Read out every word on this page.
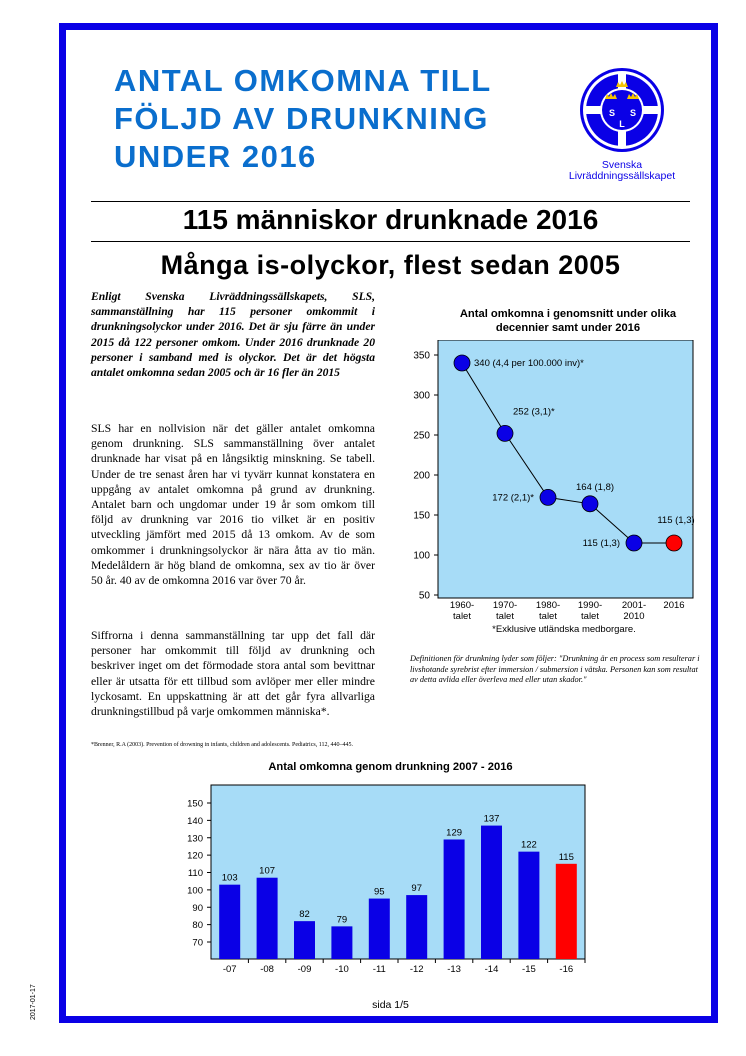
2017-01-17
ANTAL OMKOMNA TILL FÖLJD AV DRUNKNING UNDER 2016
S S
L
Svenska
Livräddningssällskapet
115 människor drunknade 2016
Många is-olyckor, flest sedan 2005
Enligt Svenska Livräddningssällskapets, SLS, sammanställning har 115 personer omkommit i drunkningsolyckor under 2016. Det är sju färre än under 2015 då 122 personer omkom. Under 2016 drunknade 20 personer i samband med is olyckor. Det är det högsta antalet omkomna sedan 2005 och är 16 fler än 2015
SLS har en nollvision när det gäller antalet omkomna genom drunkning. SLS sammanställning över antalet drunknade har visat på en långsiktig minskning. Se tabell. Under de tre senast åren har vi tyvärr kunnat konstatera en uppgång av antalet omkomna på grund av drunkning. Antalet barn och ungdomar under 19 år som omkom till följd av drunkning var 2016 tio vilket är en positiv utveckling jämfört med 2015 då 13 omkom. Av de som omkommer i drunkningsolyckor är nära åtta av tio män. Medelåldern är hög bland de omkomna, sex av tio är över 50 år. 40 av de omkomna 2016 var över 70 år.
Siffrorna i denna sammanställning tar upp det fall där personer har omkommit till följd av drunkning och beskriver inget om det förmodade stora antal som bevittnar eller är utsatta för ett tillbud som avlöper mer eller mindre lyckosamt. En uppskattning är att det går fyra allvarliga drunkningstillbud på varje omkommen människa*.
*Brenner, R.A (2003). Prevention of drowning in infants, children and adolescents. Pediatrics, 112, 440–445.
Antal omkomna i genomsnitt under olika decennier samt under 2016
50
100
150
200
250
300
350
340 (4,4 per 100.000 inv)*
252 (3,1)*
172 (2,1)*
164 (1,8)
115 (1,3)
115 (1,3)
1960-
talet
1970-
talet
1980-
talet
1990-
talet
2001-
2010
2016
*Exklusive utländska medborgare.
Definitionen för drunkning lyder som följer: "Drunkning är en process som resulterar i livshotande syrebrist efter immersion / submersion i vätska. Personen kan som resultat av detta avlida eller överleva med eller utan skador."
Antal omkomna genom drunkning 2007 - 2016
70
80
90
100
110
120
130
140
150
103
-07
107
-08
82
-09
79
-10
95
-11
97
-12
129
-13
137
-14
122
-15
115
-16
sida 1/5
